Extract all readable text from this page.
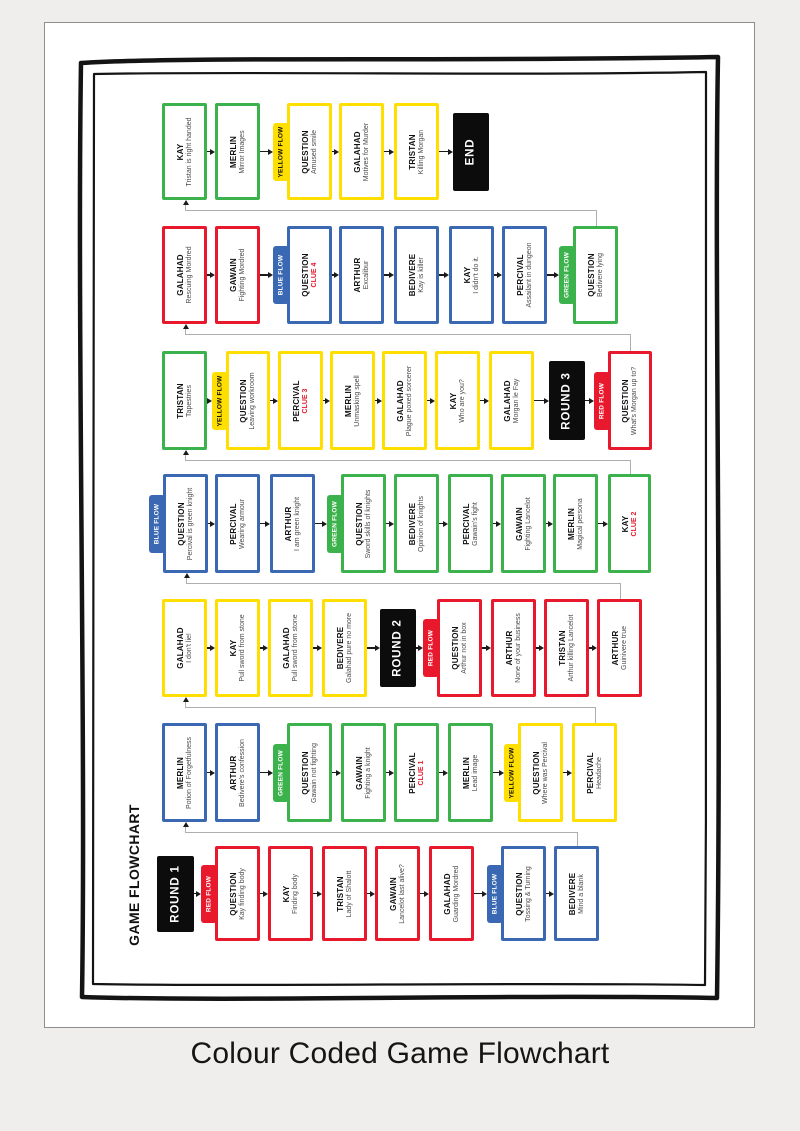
GAME FLOWCHART
KAY Tristan is right handed	MERLIN Mirror Images	QUESTION Amused smile
YELLOW FLOW	GALAHAD Motives for Murder	TRISTAN Killing Morgan	END
GALAHAD Rescuing Mordred	GAWAIN Fighting Mordred	QUESTION CLUE 4
BLUE FLOW	ARTHUR Excalibur	BEDIVERE Kay is killer	KAY I didn't do it.	PERCIVAL Assailant in dungeon	QUESTION Bedivere lying
GREEN FLOW
TRISTAN Tapestries	QUESTION Leaving workroom
YELLOW FLOW	PERCIVAL CLUE 3	MERLIN Unmasking spell	GALAHAD Plague poxed sorcerer	KAY Who are you?	GALAHAD Morgan le Fay	ROUND 3	QUESTION What's Morgan up to?
RED FLOW
QUESTION Percival is green knight
BLUE FLOW	PERCIVAL Wearing armour	ARTHUR I am green knight	QUESTION Sword skills of knights
GREEN FLOW	BEDIVERE Opinion of knights	PERCIVAL Gawain's fight	GAWAIN Fighting Lancelot	MERLIN Magical persona	KAY CLUE 2
GALAHAD I don't lie!	KAY Pull sword from stone	GALAHAD Pull sword from stone	BEDIVERE Galahad pure no more	ROUND 2	QUESTION Arthur not in box
RED FLOW	ARTHUR None of your business	TRISTAN Arthur killing Lancelot	ARTHUR Guinivere true
MERLIN Potion of Forgetfulness	ARTHUR Bedivere's confession	QUESTION Gawain not fighting
GREEN FLOW	GAWAIN Fighting a knight	PERCIVAL CLUE 1	MERLIN Lead image	QUESTION Where was Percival
YELLOW FLOW	PERCIVAL Headache
ROUND 1	QUESTION Kay finding body
RED FLOW	KAY Finding body	TRISTAN Lady of Shalott	GAWAIN Lancelot last alive?	GALAHAD Guarding Mordred	QUESTION Tossing & Turning
BLUE FLOW	BEDIVERE Mind a blank
Colour Coded Game Flowchart
